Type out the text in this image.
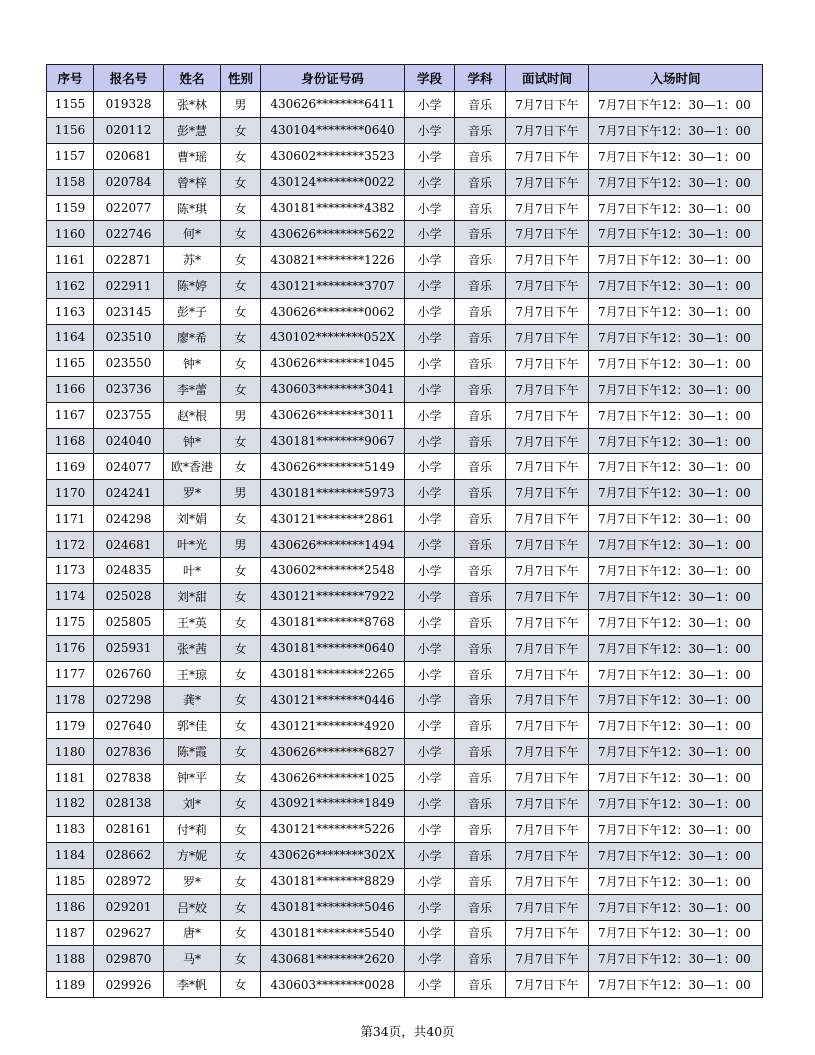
序号	报名号	姓名	性别	身份证号码	学段	学科	面试时间	入场时间
1155	019328	张*林	男	430626********6411	小学	音乐	7月7日下午	7月7日下午12：30—1：00
1156	020112	彭*慧	女	430104********0640	小学	音乐	7月7日下午	7月7日下午12：30—1：00
1157	020681	曹*瑶	女	430602********3523	小学	音乐	7月7日下午	7月7日下午12：30—1：00
1158	020784	曾*梓	女	430124********0022	小学	音乐	7月7日下午	7月7日下午12：30—1：00
1159	022077	陈*琪	女	430181********4382	小学	音乐	7月7日下午	7月7日下午12：30—1：00
1160	022746	何*	女	430626********5622	小学	音乐	7月7日下午	7月7日下午12：30—1：00
1161	022871	苏*	女	430821********1226	小学	音乐	7月7日下午	7月7日下午12：30—1：00
1162	022911	陈*婷	女	430121********3707	小学	音乐	7月7日下午	7月7日下午12：30—1：00
1163	023145	彭*子	女	430626********0062	小学	音乐	7月7日下午	7月7日下午12：30—1：00
1164	023510	廖*希	女	430102********052X	小学	音乐	7月7日下午	7月7日下午12：30—1：00
1165	023550	钟*	女	430626********1045	小学	音乐	7月7日下午	7月7日下午12：30—1：00
1166	023736	李*蕾	女	430603********3041	小学	音乐	7月7日下午	7月7日下午12：30—1：00
1167	023755	赵*根	男	430626********3011	小学	音乐	7月7日下午	7月7日下午12：30—1：00
1168	024040	钟*	女	430181********9067	小学	音乐	7月7日下午	7月7日下午12：30—1：00
1169	024077	欧*香港	女	430626********5149	小学	音乐	7月7日下午	7月7日下午12：30—1：00
1170	024241	罗*	男	430181********5973	小学	音乐	7月7日下午	7月7日下午12：30—1：00
1171	024298	刘*娟	女	430121********2861	小学	音乐	7月7日下午	7月7日下午12：30—1：00
1172	024681	叶*光	男	430626********1494	小学	音乐	7月7日下午	7月7日下午12：30—1：00
1173	024835	叶*	女	430602********2548	小学	音乐	7月7日下午	7月7日下午12：30—1：00
1174	025028	刘*甜	女	430121********7922	小学	音乐	7月7日下午	7月7日下午12：30—1：00
1175	025805	王*英	女	430181********8768	小学	音乐	7月7日下午	7月7日下午12：30—1：00
1176	025931	张*茜	女	430181********0640	小学	音乐	7月7日下午	7月7日下午12：30—1：00
1177	026760	王*琼	女	430181********2265	小学	音乐	7月7日下午	7月7日下午12：30—1：00
1178	027298	龚*	女	430121********0446	小学	音乐	7月7日下午	7月7日下午12：30—1：00
1179	027640	郭*佳	女	430121********4920	小学	音乐	7月7日下午	7月7日下午12：30—1：00
1180	027836	陈*霞	女	430626********6827	小学	音乐	7月7日下午	7月7日下午12：30—1：00
1181	027838	钟*平	女	430626********1025	小学	音乐	7月7日下午	7月7日下午12：30—1：00
1182	028138	刘*	女	430921********1849	小学	音乐	7月7日下午	7月7日下午12：30—1：00
1183	028161	付*莉	女	430121********5226	小学	音乐	7月7日下午	7月7日下午12：30—1：00
1184	028662	方*妮	女	430626********302X	小学	音乐	7月7日下午	7月7日下午12：30—1：00
1185	028972	罗*	女	430181********8829	小学	音乐	7月7日下午	7月7日下午12：30—1：00
1186	029201	吕*姣	女	430181********5046	小学	音乐	7月7日下午	7月7日下午12：30—1：00
1187	029627	唐*	女	430181********5540	小学	音乐	7月7日下午	7月7日下午12：30—1：00
1188	029870	马*	女	430681********2620	小学	音乐	7月7日下午	7月7日下午12：30—1：00
1189	029926	李*帆	女	430603********0028	小学	音乐	7月7日下午	7月7日下午12：30—1：00
第34页，共40页
